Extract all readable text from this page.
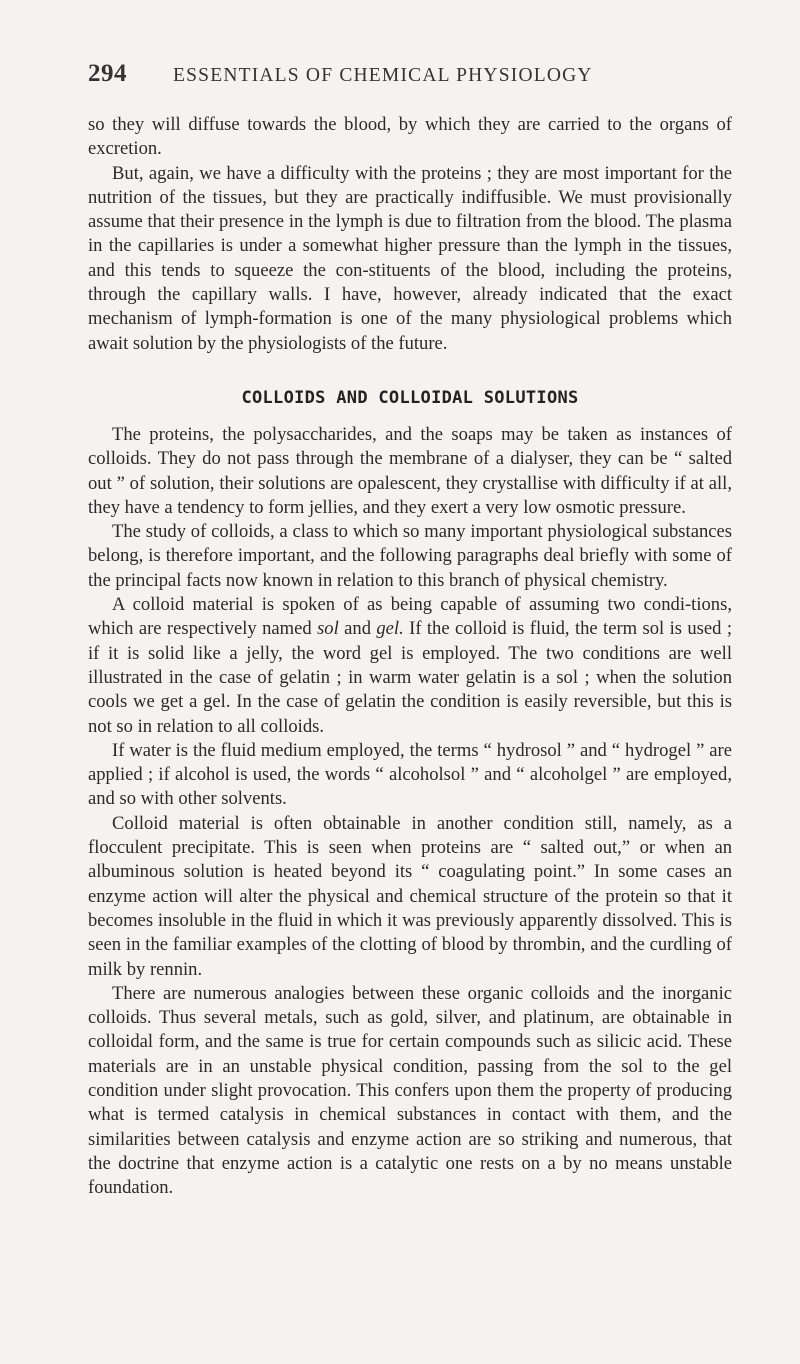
294 ESSENTIALS OF CHEMICAL PHYSIOLOGY

so they will diffuse towards the blood, by which they are carried to the organs of excretion.

But, again, we have a difficulty with the proteins ; they are most important for the nutrition of the tissues, but they are practically indiffusible. We must provisionally assume that their presence in the lymph is due to filtration from the blood. The plasma in the capillaries is under a somewhat higher pressure than the lymph in the tissues, and this tends to squeeze the con-stituents of the blood, including the proteins, through the capillary walls. I have, however, already indicated that the exact mechanism of lymph-formation is one of the many physiological problems which await solution by the physiologists of the future.

COLLOIDS AND COLLOIDAL SOLUTIONS

The proteins, the polysaccharides, and the soaps may be taken as instances of colloids. They do not pass through the membrane of a dialyser, they can be “ salted out ” of solution, their solutions are opalescent, they crystallise with difficulty if at all, they have a tendency to form jellies, and they exert a very low osmotic pressure.

The study of colloids, a class to which so many important physiological substances belong, is therefore important, and the following paragraphs deal briefly with some of the principal facts now known in relation to this branch of physical chemistry.

A colloid material is spoken of as being capable of assuming two condi-tions, which are respectively named sol and gel. If the colloid is fluid, the term sol is used ; if it is solid like a jelly, the word gel is employed. The two conditions are well illustrated in the case of gelatin ; in warm water gelatin is a sol ; when the solution cools we get a gel. In the case of gelatin the condition is easily reversible, but this is not so in relation to all colloids.

If water is the fluid medium employed, the terms “ hydrosol ” and “ hydrogel ” are applied ; if alcohol is used, the words “ alcoholsol ” and “ alcoholgel ” are employed, and so with other solvents.

Colloid material is often obtainable in another condition still, namely, as a flocculent precipitate. This is seen when proteins are “ salted out,” or when an albuminous solution is heated beyond its “ coagulating point.” In some cases an enzyme action will alter the physical and chemical structure of the protein so that it becomes insoluble in the fluid in which it was previously apparently dissolved. This is seen in the familiar examples of the clotting of blood by thrombin, and the curdling of milk by rennin.

There are numerous analogies between these organic colloids and the inorganic colloids. Thus several metals, such as gold, silver, and platinum, are obtainable in colloidal form, and the same is true for certain compounds such as silicic acid. These materials are in an unstable physical condition, passing from the sol to the gel condition under slight provocation. This confers upon them the property of producing what is termed catalysis in chemical substances in contact with them, and the similarities between catalysis and enzyme action are so striking and numerous, that the doctrine that enzyme action is a catalytic one rests on a by no means unstable foundation.
